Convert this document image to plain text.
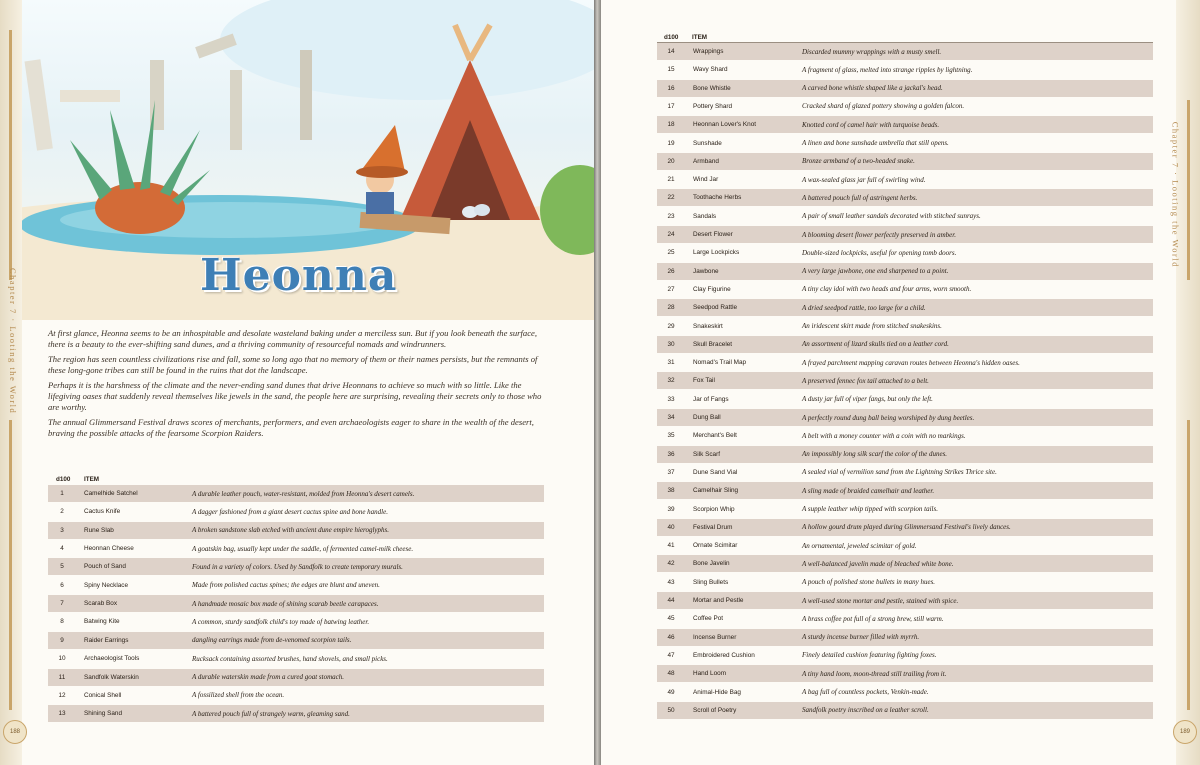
Heonna
Chapter 7 · Looting the World
188

At first glance, Heonna seems to be an inhospitable and desolate wasteland baking under a merciless sun. But if you look beneath the surface, there is a beauty to the ever-shifting sand dunes, and a thriving community of resourceful nomads and windrunners.

The region has seen countless civilizations rise and fall, some so long ago that no memory of them or their names persists, but the remnants of these long-gone tribes can still be found in the ruins that dot the landscape.

Perhaps it is the harshness of the climate and the never-ending sand dunes that drive Heonnans to achieve so much with so little. Like the lifegiving oases that suddenly reveal themselves like jewels in the sand, the people here are surprising, revealing their secrets only to those who are worthy.

The annual Glimmersand Festival draws scores of merchants, performers, and even archaeologists eager to share in the wealth of the desert, braving the possible attacks of the fearsome Scorpion Raiders.

d100 ITEM
1	Camelhide Satchel	A durable leather pouch, water-resistant, molded from Heonna's desert camels.
2	Cactus Knife	A dagger fashioned from a giant desert cactus spine and bone handle.
3	Rune Slab	A broken sandstone slab etched with ancient dune empire hieroglyphs.
4	Heonnan Cheese	A goatskin bag, usually kept under the saddle, of fermented camel-milk cheese.
5	Pouch of Sand	Found in a variety of colors. Used by Sandfolk to create temporary murals.
6	Spiny Necklace	Made from polished cactus spines; the edges are blunt and uneven.
7	Scarab Box	A handmade mosaic box made of shining scarab beetle carapaces.
8	Batwing Kite	A common, sturdy sandfolk child's toy made of batwing leather.
9	Raider Earrings	dangling earrings made from de-venomed scorpion tails.
10	Archaeologist Tools	Rucksack containing assorted brushes, hand shovels, and small picks.
11	Sandfolk Waterskin	A durable waterskin made from a cured goat stomach.
12	Conical Shell	A fossilized shell from the ocean.
13	Shining Sand	A battered pouch full of strangely warm, gleaming sand.
Chapter 7 · Looting the World
189
d100 ITEM
14	Wrappings	Discarded mummy wrappings with a musty smell.
15	Wavy Shard	A fragment of glass, melted into strange ripples by lightning.
16	Bone Whistle	A carved bone whistle shaped like a jackal's head.
17	Pottery Shard	Cracked shard of glazed pottery showing a golden falcon.
18	Heonnan Lover's Knot	Knotted cord of camel hair with turquoise beads.
19	Sunshade	A linen and bone sunshade umbrella that still opens.
20	Armband	Bronze armband of a two-headed snake.
21	Wind Jar	A wax-sealed glass jar full of swirling wind.
22	Toothache Herbs	A battered pouch full of astringent herbs.
23	Sandals	A pair of small leather sandals decorated with stitched sunrays.
24	Desert Flower	A blooming desert flower perfectly preserved in amber.
25	Large Lockpicks	Double-sized lockpicks, useful for opening tomb doors.
26	Jawbone	A very large jawbone, one end sharpened to a point.
27	Clay Figurine	A tiny clay idol with two heads and four arms, worn smooth.
28	Seedpod Rattle	A dried seedpod rattle, too large for a child.
29	Snakeskirt	An iridescent skirt made from stitched snakeskins.
30	Skull Bracelet	An assortment of lizard skulls tied on a leather cord.
31	Nomad's Trail Map	A frayed parchment mapping caravan routes between Heonna's hidden oases.
32	Fox Tail	A preserved fennec fox tail attached to a belt.
33	Jar of Fangs	A dusty jar full of viper fangs, but only the left.
34	Dung Ball	A perfectly round dung ball being worshiped by dung beetles.
35	Merchant's Belt	A belt with a money counter with a coin with no markings.
36	Silk Scarf	An impossibly long silk scarf the color of the dunes.
37	Dune Sand Vial	A sealed vial of vermilion sand from the Lightning Strikes Thrice site.
38	Camelhair Sling	A sling made of braided camelhair and leather.
39	Scorpion Whip	A supple leather whip tipped with scorpion tails.
40	Festival Drum	A hollow gourd drum played during Glimmersand Festival's lively dances.
41	Ornate Scimitar	An ornamental, jeweled scimitar of gold.
42	Bone Javelin	A well-balanced javelin made of bleached white bone.
43	Sling Bullets	A pouch of polished stone bullets in many hues.
44	Mortar and Pestle	A well-used stone mortar and pestle, stained with spice.
45	Coffee Pot	A brass coffee pot full of a strong brew, still warm.
46	Incense Burner	A sturdy incense burner filled with myrrh.
47	Embroidered Cushion	Finely detailed cushion featuring fighting foxes.
48	Hand Loom	A tiny hand loom, moon-thread still trailing from it.
49	Animal-Hide Bag	A bag full of countless pockets, Venkin-made.
50	Scroll of Poetry	Sandfolk poetry inscribed on a leather scroll.
